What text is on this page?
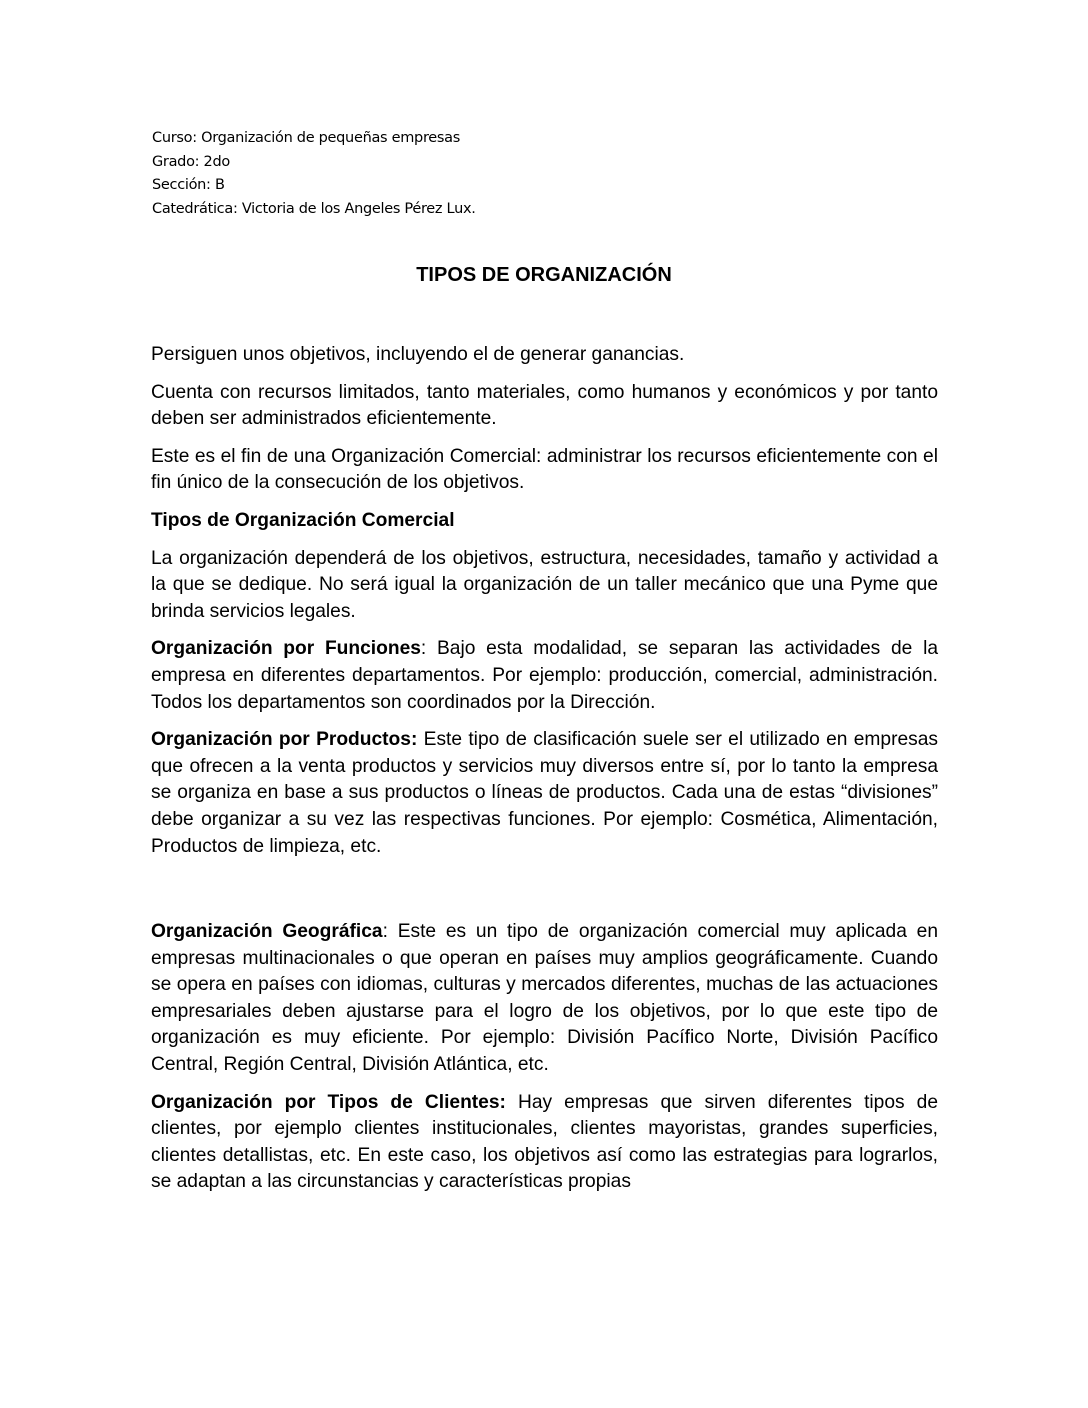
Curso: Organización de pequeñas empresas
Grado: 2do
Sección: B
Catedrática: Victoria de los Angeles Pérez Lux.
TIPOS DE ORGANIZACIÓN

Persiguen unos objetivos, incluyendo el de generar ganancias.

Cuenta con recursos limitados, tanto materiales, como humanos y económicos y por tanto deben ser administrados eficientemente.

Este es el fin de una Organización Comercial: administrar los recursos eficientemente con el fin único de la consecución de los objetivos.

Tipos de Organización Comercial

La organización dependerá de los objetivos, estructura, necesidades, tamaño y actividad a la que se dedique. No será igual la organización de un taller mecánico que una Pyme que brinda servicios legales.

Organización por Funciones: Bajo esta modalidad, se separan las actividades de la empresa en diferentes departamentos. Por ejemplo: producción, comercial, administración. Todos los departamentos son coordinados por la Dirección.

Organización por Productos: Este tipo de clasificación suele ser el utilizado en empresas que ofrecen a la venta productos y servicios muy diversos entre sí, por lo tanto la empresa se organiza en base a sus productos o líneas de productos. Cada una de estas “divisiones” debe organizar a su vez las respectivas funciones. Por ejemplo: Cosmética, Alimentación, Productos de limpieza, etc.

Organización Geográfica: Este es un tipo de organización comercial muy aplicada en empresas multinacionales o que operan en países muy amplios geográficamente. Cuando se opera en países con idiomas, culturas y mercados diferentes, muchas de las actuaciones empresariales deben ajustarse para el logro de los objetivos, por lo que este tipo de organización es muy eficiente. Por ejemplo: División Pacífico Norte, División Pacífico Central, Región Central, División Atlántica, etc.

Organización por Tipos de Clientes: Hay empresas que sirven diferentes tipos de clientes, por ejemplo clientes institucionales, clientes mayoristas, grandes superficies, clientes detallistas, etc. En este caso, los objetivos así como las estrategias para lograrlos, se adaptan a las circunstancias y características propias
